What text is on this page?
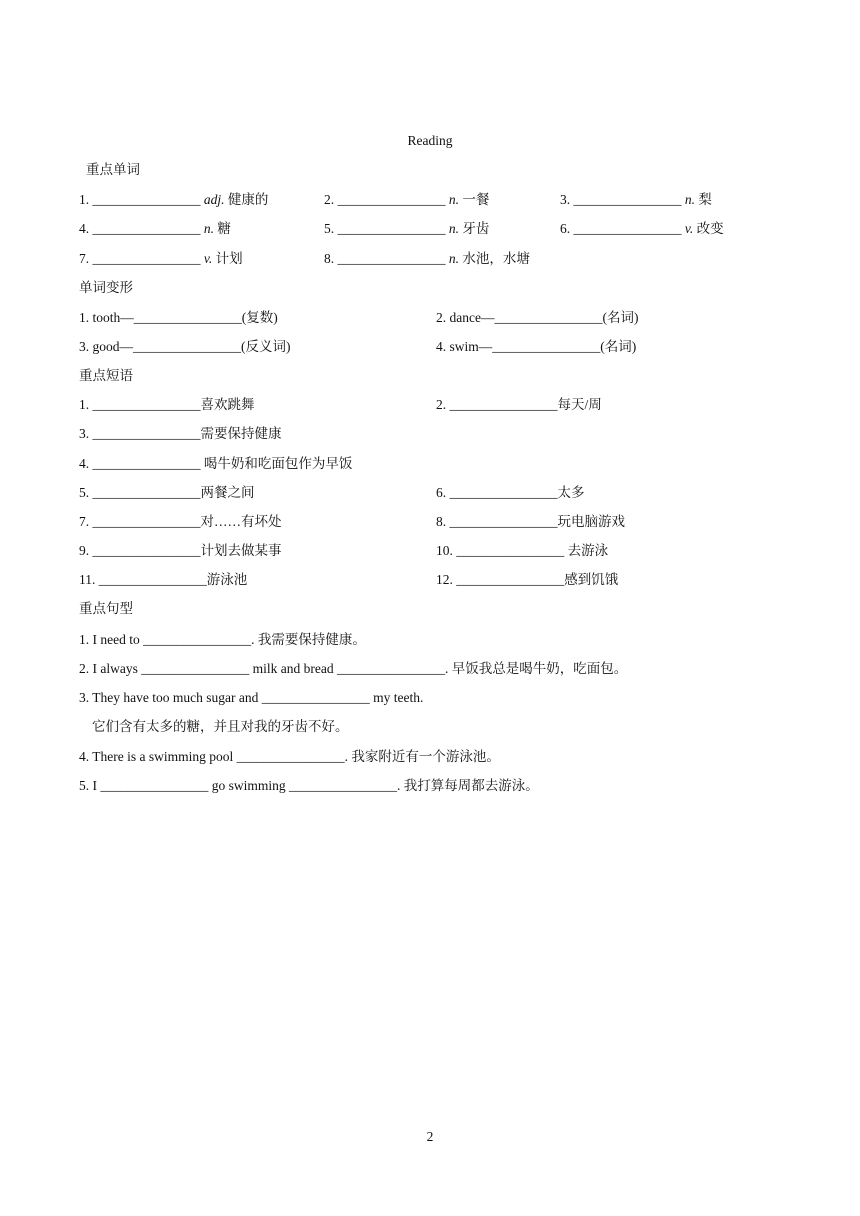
Reading
重点单词
1. ________________ adj. 健康的	2. ________________ n. 一餐	3. ________________ n. 梨
4. ________________ n. 糖	5. ________________ n. 牙齿	6. ________________ v. 改变
7. ________________ v. 计划	8. ________________ n. 水池，水塘
单词变形
1. tooth—________________(复数)	2. dance—________________(名词)
3. good—________________(反义词)	4. swim—________________(名词)
重点短语
1. ________________喜欢跳舞	2. ________________每天/周
3. ________________需要保持健康
4. ________________ 喝牛奶和吃面包作为早饭
5. ________________两餐之间	6. ________________太多
7. ________________对……有坏处	8. ________________玩电脑游戏
9. ________________计划去做某事	10. ________________ 去游泳
11. ________________游泳池	12. ________________感到饥饿
重点句型
1. I need to ________________. 我需要保持健康。
2. I always ________________ milk and bread ________________. 早饭我总是喝牛奶，吃面包。
3. They have too much sugar and ________________ my teeth.
它们含有太多的糖，并且对我的牙齿不好。
4. There is a swimming pool ________________. 我家附近有一个游泳池。
5. I ________________ go swimming ________________. 我打算每周都去游泳。
2
